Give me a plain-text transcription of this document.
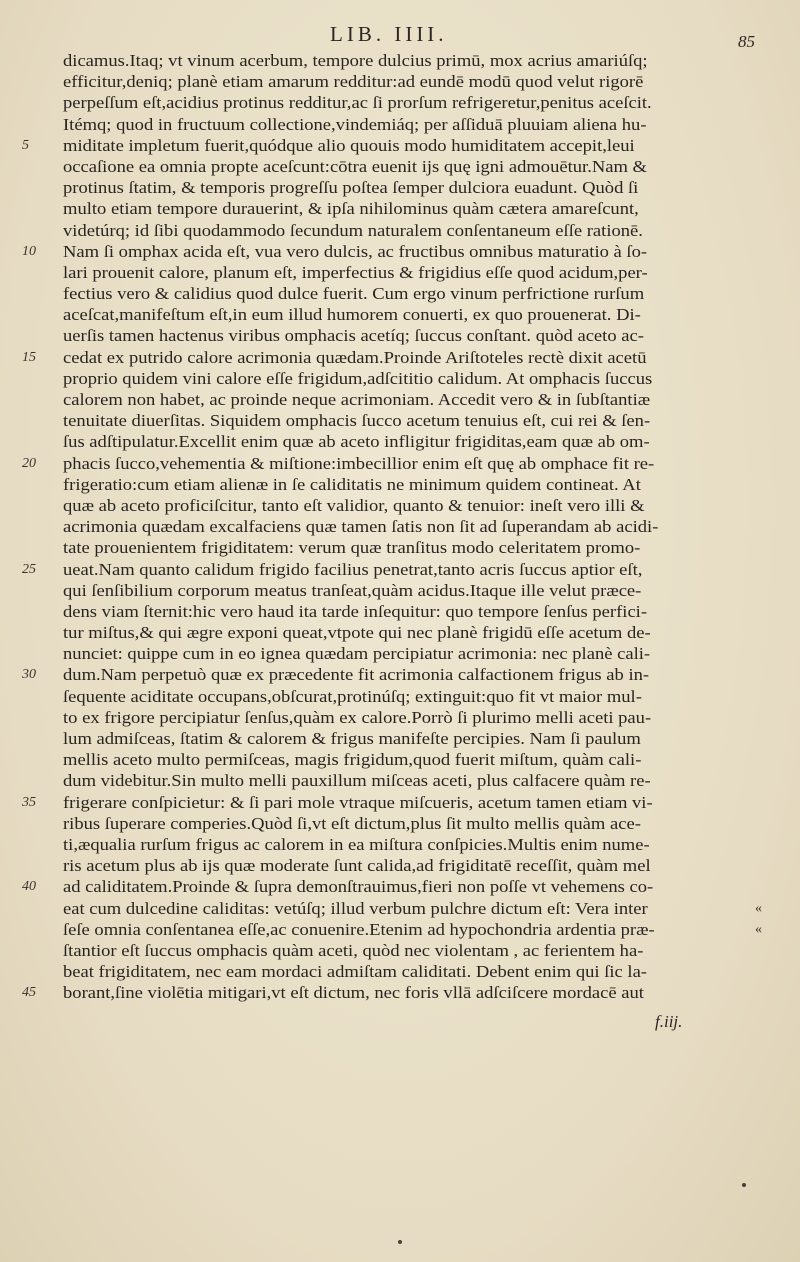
LIB. IIII.	85
dicamus.Itaq; vt vinum acerbum, tempore dulcius primū, mox acrius amariúſq;
efficitur,deniq; planè etiam amarum redditur:ad eundē modū quod velut rigorē
perpeſſum eſt,acidius protinus redditur,ac ſi prorſum refrigeretur,penitus aceſcit.
Itémq; quod in fructuum collectione,vindemiáq; per aſſiduā pluuiam aliena hu-
5	miditate impletum fuerit,quódque alio quouis modo humiditatem accepit,leui
occaſione ea omnia propte aceſcunt:cōtra euenit ijs quę igni admouētur.Nam &
protinus ſtatim, & temporis progreſſu poſtea ſemper dulciora euadunt. Quòd ſi
multo etiam tempore durauerint, & ipſa nihilominus quàm cætera amareſcunt,
videtúrq; id ſibi quodammodo ſecundum naturalem conſentaneum eſſe rationē.
10	Nam ſi omphax acida eſt, vua vero dulcis, ac fructibus omnibus maturatio à ſo-
lari prouenit calore, planum eſt, imperfectius & frigidius eſſe quod acidum,per-
fectius vero & calidius quod dulce fuerit. Cum ergo vinum perfrictione rurſum
aceſcat,manifeſtum eſt,in eum illud humorem conuerti, ex quo prouenerat. Di-
uerſis tamen hactenus viribus omphacis acetíq; ſuccus conſtant. quòd aceto ac-
15	cedat ex putrido calore acrimonia quædam.Proinde Ariſtoteles rectè dixit acetū
proprio quidem vini calore eſſe frigidum,adſcititio calidum. At omphacis ſuccus
calorem non habet, ac proinde neque acrimoniam. Accedit vero & in ſubſtantiæ
tenuitate diuerſitas. Siquidem omphacis ſucco acetum tenuius eſt, cui rei & ſen-
ſus adſtipulatur.Excellit enim quæ ab aceto infligitur frigiditas,eam quæ ab om-
20	phacis ſucco,vehementia & miſtione:imbecillior enim eſt quę ab omphace fit re-
frigeratio:cum etiam alienæ in ſe caliditatis ne minimum quidem contineat. At
quæ ab aceto proficiſcitur, tanto eſt validior, quanto & tenuior: ineſt vero illi &
acrimonia quædam excalfaciens quæ tamen ſatis non ſit ad ſuperandam ab acidi-
tate prouenientem frigiditatem: verum quæ tranſitus modo celeritatem promo-
25	ueat.Nam quanto calidum frigido facilius penetrat,tanto acris ſuccus aptior eſt,
qui ſenſibilium corporum meatus tranſeat,quàm acidus.Itaque ille velut præce-
dens viam ſternit:hic vero haud ita tarde inſequitur: quo tempore ſenſus perfici-
tur miſtus,& qui ægre exponi queat,vtpote qui nec planè frigidū eſſe acetum de-
nunciet: quippe cum in eo ignea quædam percipiatur acrimonia: nec planè cali-
30	dum.Nam perpetuò quæ ex præcedente fit acrimonia calfactionem frigus ab in-
ſequente aciditate occupans,obſcurat,protinúſq; extinguit:quo fit vt maior mul-
to ex frigore percipiatur ſenſus,quàm ex calore.Porrò ſi plurimo melli aceti pau-
lum admiſceas, ſtatim & calorem & frigus manifeſte percipies. Nam ſi paulum
mellis aceto multo permiſceas, magis frigidum,quod fuerit miſtum, quàm cali-
dum videbitur.Sin multo melli pauxillum miſceas aceti, plus calfacere quàm re-
35	frigerare conſpicietur: & ſi pari mole vtraque miſcueris, acetum tamen etiam vi-
ribus ſuperare comperies.Quòd ſi,vt eſt dictum,plus ſit multo mellis quàm ace-
ti,æqualia rurſum frigus ac calorem in ea miſtura conſpicies.Multis enim nume-
ris acetum plus ab ijs quæ moderate ſunt calida,ad frigiditatē receſſit, quàm mel
40	ad caliditatem.Proinde & ſupra demonſtrauimus,fieri non poſſe vt vehemens co-
eat cum dulcedine caliditas: vetúſq; illud verbum pulchre dictum eſt: Vera inter	«
ſeſe omnia conſentanea eſſe,ac conuenire.Etenim ad hypochondria ardentia præ-	«
ſtantior eſt ſuccus omphacis quàm aceti, quòd nec violentam , ac ferientem ha-
beat frigiditatem, nec eam mordaci admiſtam caliditati. Debent enim qui ſic la-
45	borant,ſine violētia mitigari,vt eſt dictum, nec foris vllā adſciſcere mordacē aut
f.iij.
